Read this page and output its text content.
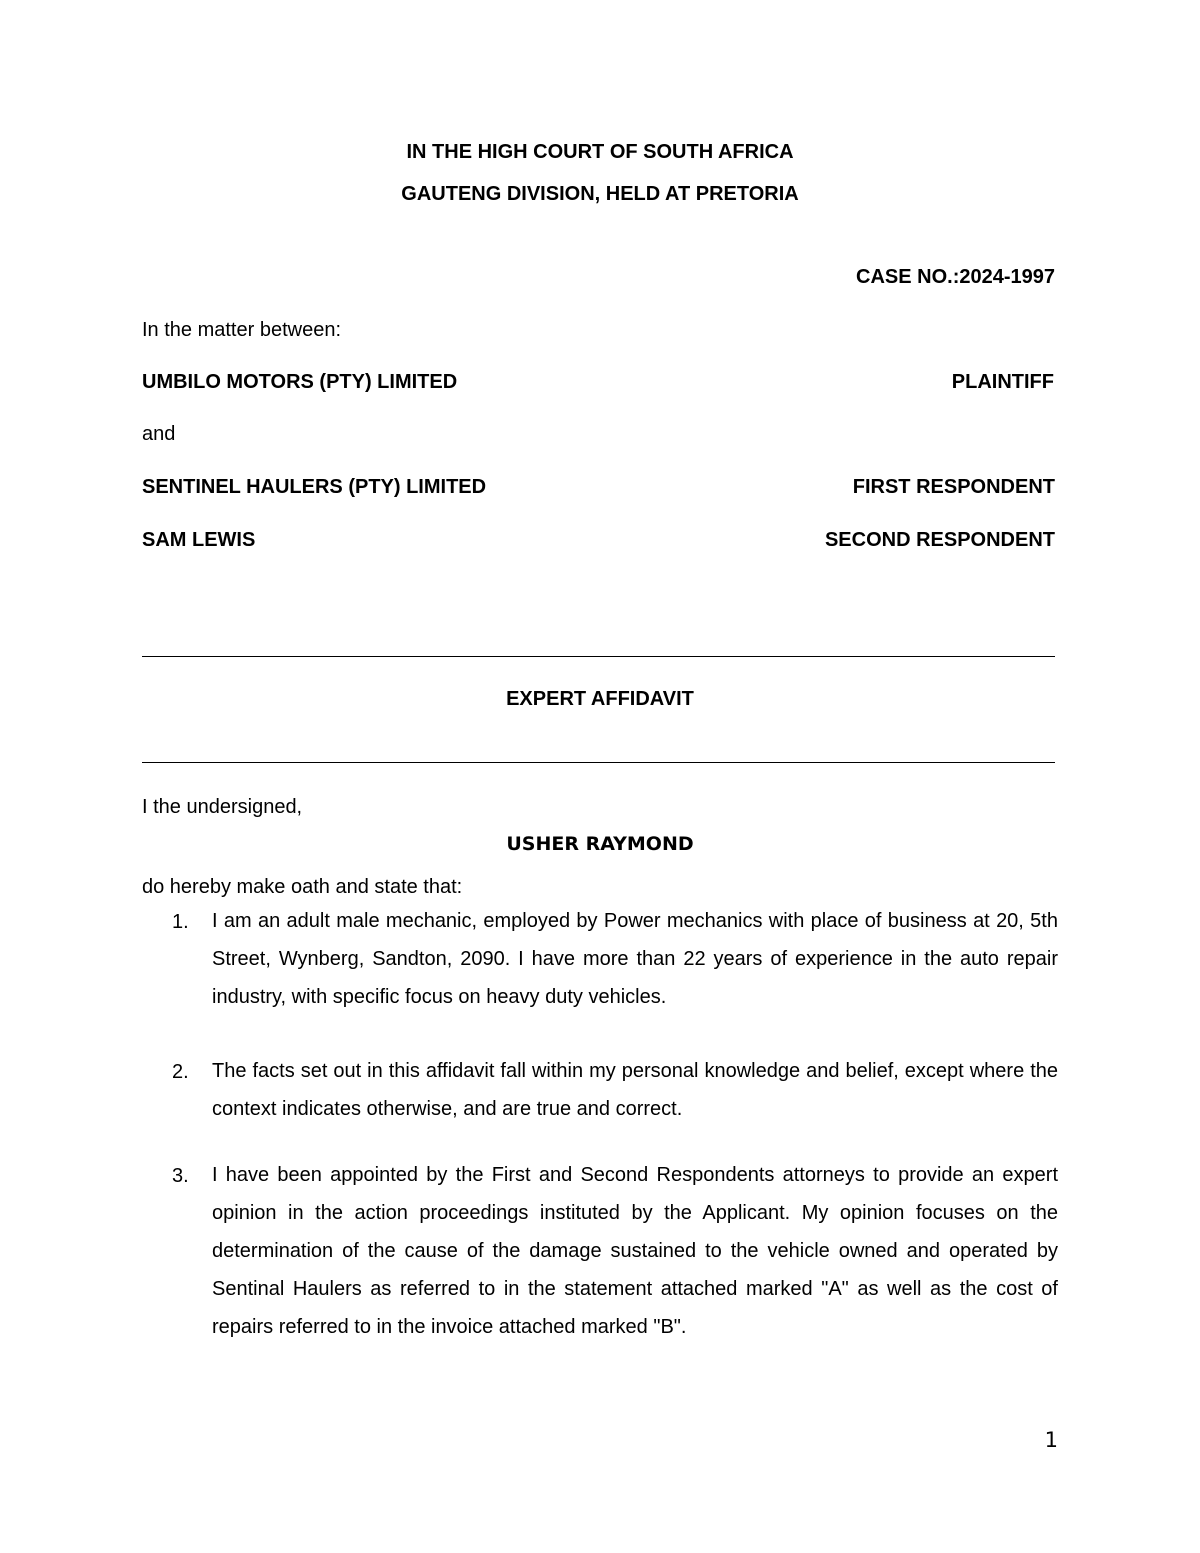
IN THE HIGH COURT OF SOUTH AFRICA
GAUTENG DIVISION, HELD AT PRETORIA
CASE NO.:2024-1997
In the matter between:
UMBILO MOTORS (PTY) LIMITED	PLAINTIFF
and
SENTINEL HAULERS (PTY) LIMITED	FIRST RESPONDENT
SAM LEWIS	SECOND RESPONDENT
EXPERT AFFIDAVIT
I the undersigned,
USHER RAYMOND
do hereby make oath and state that:
1.	I am an adult male mechanic, employed by Power mechanics with place of business at 20, 5th Street, Wynberg, Sandton, 2090. I have more than 22 years of experience in the auto repair industry, with specific focus on heavy duty vehicles.
2.	The facts set out in this affidavit fall within my personal knowledge and belief, except where the context indicates otherwise, and are true and correct.
3.	I have been appointed by the First and Second Respondents attorneys to provide an expert opinion in the action proceedings instituted by the Applicant. My opinion focuses on the determination of the cause of the damage sustained to the vehicle owned and operated by Sentinal Haulers as referred to in the statement attached marked "A" as well as the cost of repairs referred to in the invoice attached marked "B".
1
